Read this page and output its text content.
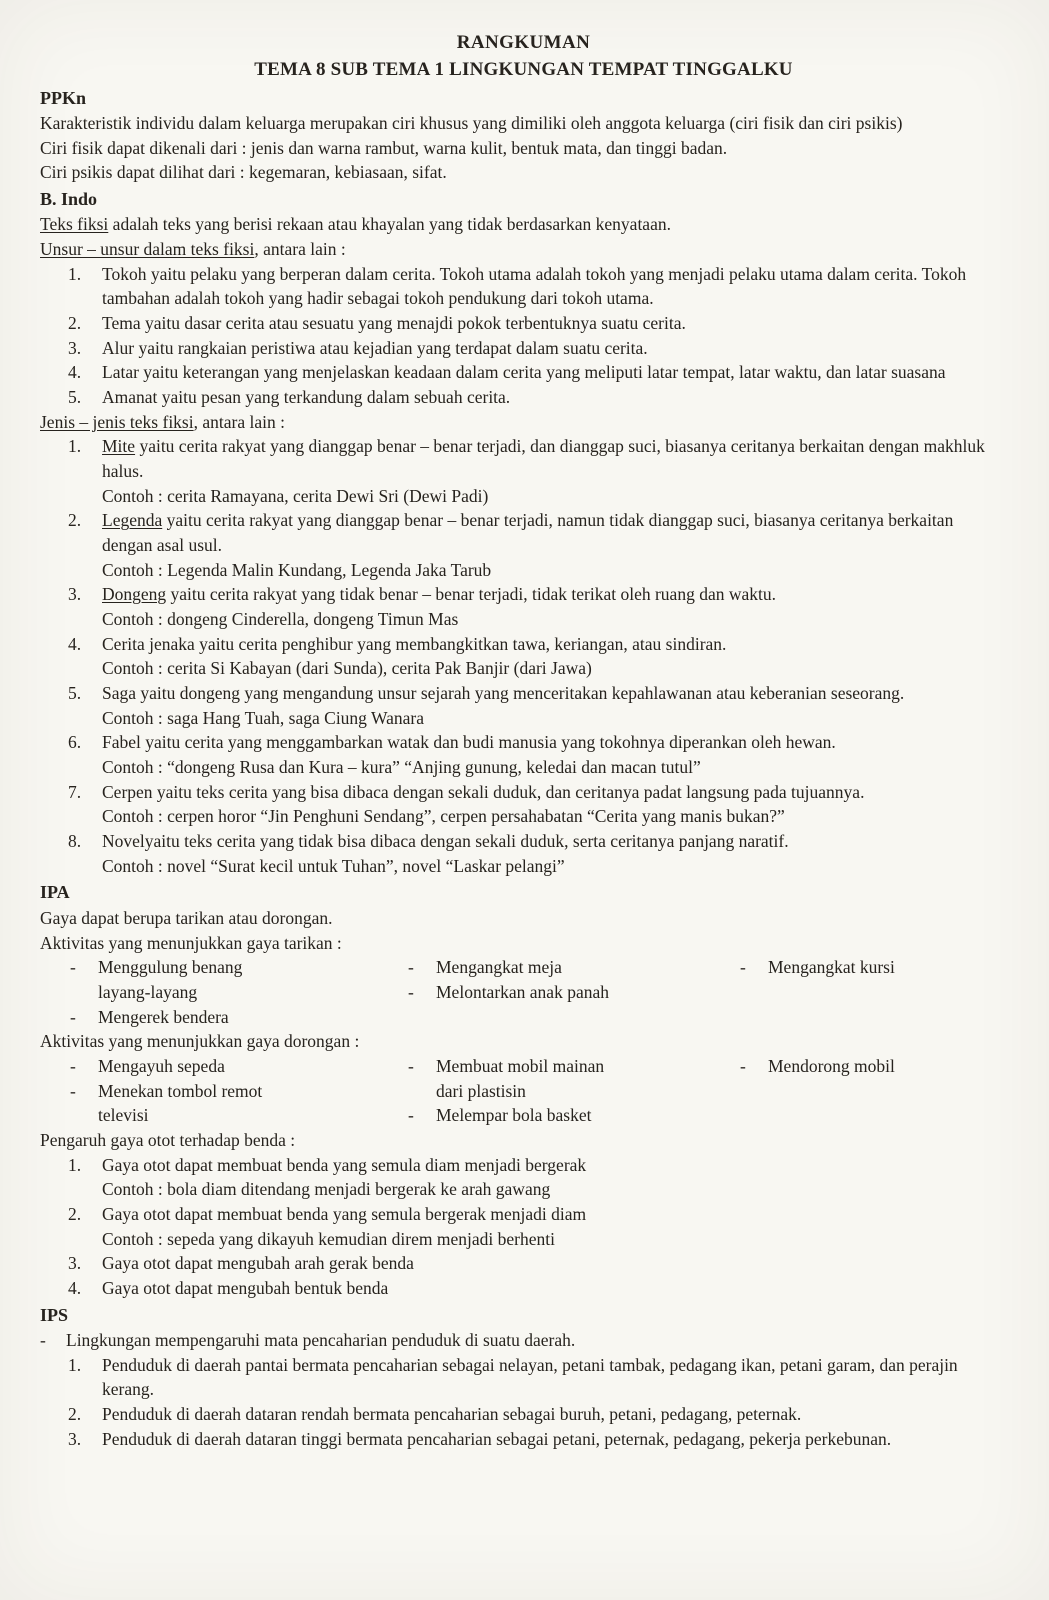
RANGKUMAN
TEMA 8 SUB TEMA 1 LINGKUNGAN TEMPAT TINGGALKU
PPKn
Karakteristik individu dalam keluarga merupakan ciri khusus yang dimiliki oleh anggota keluarga (ciri fisik dan ciri psikis)
Ciri fisik dapat dikenali dari : jenis dan warna rambut, warna kulit, bentuk mata, dan tinggi badan.
Ciri psikis dapat dilihat dari : kegemaran, kebiasaan, sifat.
B. Indo
Teks fiksi adalah teks yang berisi rekaan atau khayalan yang tidak berdasarkan kenyataan.
Unsur – unsur dalam teks fiksi, antara lain :
1.	Tokoh yaitu pelaku yang berperan dalam cerita. Tokoh utama adalah tokoh yang menjadi pelaku utama dalam cerita. Tokoh tambahan adalah tokoh yang hadir sebagai tokoh pendukung dari tokoh utama.
2.	Tema yaitu dasar cerita atau sesuatu yang menajdi pokok terbentuknya suatu cerita.
3.	Alur yaitu rangkaian peristiwa atau kejadian yang terdapat dalam suatu cerita.
4.	Latar yaitu keterangan yang menjelaskan keadaan dalam cerita yang meliputi latar tempat, latar waktu, dan latar suasana
5.	Amanat yaitu pesan yang terkandung dalam sebuah cerita.
Jenis – jenis teks fiksi, antara lain :
1.	Mite yaitu cerita rakyat yang dianggap benar – benar terjadi, dan dianggap suci, biasanya ceritanya berkaitan dengan makhluk halus.
Contoh : cerita Ramayana, cerita Dewi Sri (Dewi Padi)
2.	Legenda yaitu cerita rakyat yang dianggap benar – benar terjadi, namun tidak dianggap suci, biasanya ceritanya berkaitan dengan asal usul.
Contoh : Legenda Malin Kundang, Legenda Jaka Tarub
3.	Dongeng yaitu cerita rakyat yang tidak benar – benar terjadi, tidak terikat oleh ruang dan waktu.
Contoh : dongeng Cinderella, dongeng Timun Mas
4.	Cerita jenaka yaitu cerita penghibur yang membangkitkan tawa, keriangan, atau sindiran.
Contoh : cerita Si Kabayan (dari Sunda), cerita Pak Banjir (dari Jawa)
5.	Saga yaitu dongeng yang mengandung unsur sejarah yang menceritakan kepahlawanan atau keberanian seseorang.
Contoh : saga Hang Tuah, saga Ciung Wanara
6.	Fabel yaitu cerita yang menggambarkan watak dan budi manusia yang tokohnya diperankan oleh hewan.
Contoh : “dongeng Rusa dan Kura – kura” “Anjing gunung, keledai dan macan tutul”
7.	Cerpen yaitu teks cerita yang bisa dibaca dengan sekali duduk, dan ceritanya padat langsung pada tujuannya.
Contoh : cerpen horor “Jin Penghuni Sendang”, cerpen persahabatan “Cerita yang manis bukan?”
8.	Novelyaitu teks cerita yang tidak bisa dibaca dengan sekali duduk, serta ceritanya panjang naratif.
Contoh : novel “Surat kecil untuk Tuhan”, novel “Laskar pelangi”
IPA
Gaya dapat berupa tarikan atau dorongan.
Aktivitas yang menunjukkan gaya tarikan :
-	Menggulung benang
layang-layang
-	Mengerek bendera
-	Mengangkat meja
-	Melontarkan anak panah
-	Mengangkat kursi
Aktivitas yang menunjukkan gaya dorongan :
-	Mengayuh sepeda
-	Menekan tombol remot
televisi
-	Membuat mobil mainan
dari plastisin
-	Melempar bola basket
-	Mendorong mobil
Pengaruh gaya otot terhadap benda :
1.	Gaya otot dapat membuat benda yang semula diam menjadi bergerak
Contoh : bola diam ditendang menjadi bergerak ke arah gawang
2.	Gaya otot dapat membuat benda yang semula bergerak menjadi diam
Contoh : sepeda yang dikayuh kemudian direm menjadi berhenti
3.	Gaya otot dapat mengubah arah gerak benda
4.	Gaya otot dapat mengubah bentuk benda
IPS
-	Lingkungan mempengaruhi mata pencaharian penduduk di suatu daerah.
1.	Penduduk di daerah pantai bermata pencaharian sebagai nelayan, petani tambak, pedagang ikan, petani garam, dan perajin kerang.
2.	Penduduk di daerah dataran rendah bermata pencaharian sebagai buruh, petani, pedagang, peternak.
3.	Penduduk di daerah dataran tinggi bermata pencaharian sebagai petani, peternak, pedagang, pekerja perkebunan.
